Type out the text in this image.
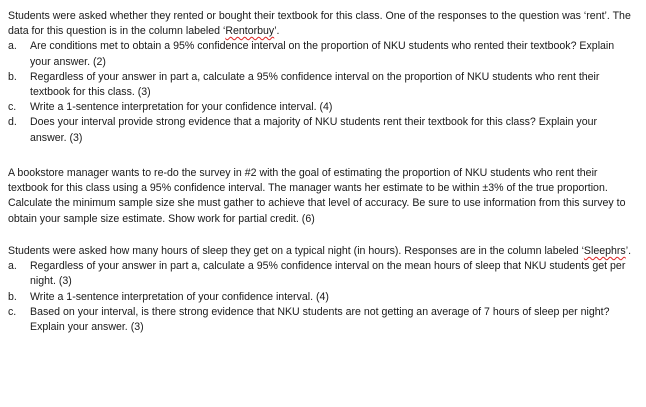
Students were asked whether they rented or bought their textbook for this class. One of the responses to the question was ‘rent’. The data for this question is in the column labeled ‘Rentorbuy’.

a. Are conditions met to obtain a 95% confidence interval on the proportion of NKU students who rented their textbook? Explain your answer. (2)
b. Regardless of your answer in part a, calculate a 95% confidence interval on the proportion of NKU students who rent their textbook for this class. (3)
c. Write a 1-sentence interpretation for your confidence interval. (4)
d. Does your interval provide strong evidence that a majority of NKU students rent their textbook for this class? Explain your answer. (3)

A bookstore manager wants to re-do the survey in #2 with the goal of estimating the proportion of NKU students who rent their textbook for this class using a 95% confidence interval. The manager wants her estimate to be within ±3% of the true proportion. Calculate the minimum sample size she must gather to achieve that level of accuracy. Be sure to use information from this survey to obtain your sample size estimate. Show work for partial credit. (6)

Students were asked how many hours of sleep they get on a typical night (in hours). Responses are in the column labeled ‘Sleephrs’.

a. Regardless of your answer in part a, calculate a 95% confidence interval on the mean hours of sleep that NKU students get per night. (3)
b. Write a 1-sentence interpretation of your confidence interval. (4)
c. Based on your interval, is there strong evidence that NKU students are not getting an average of 7 hours of sleep per night? Explain your answer. (3)
